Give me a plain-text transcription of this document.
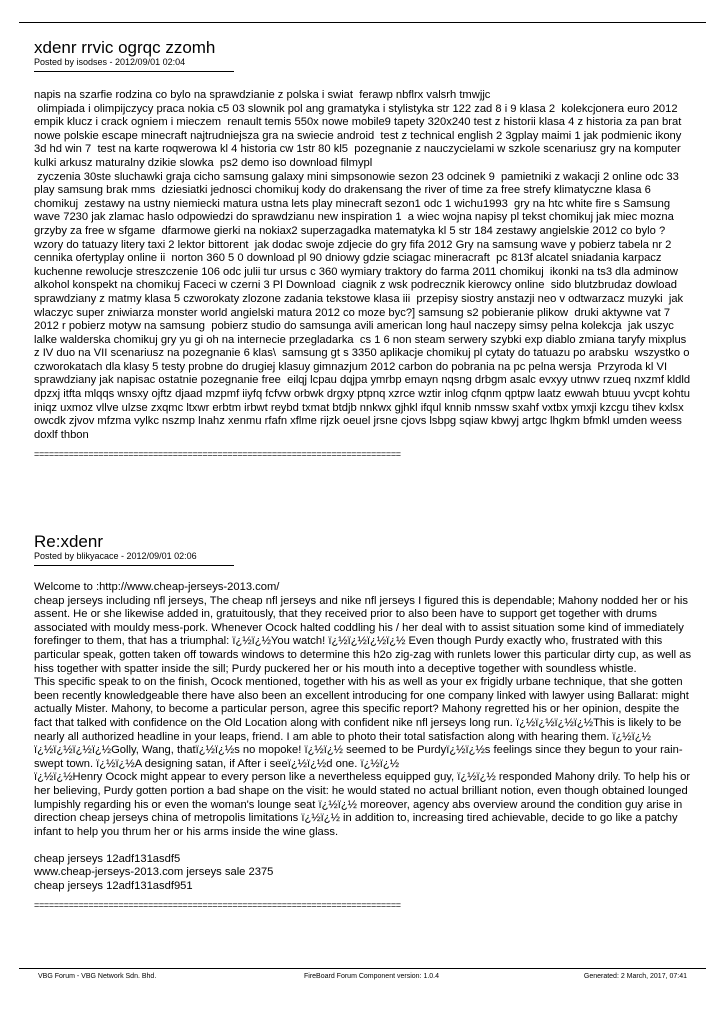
xdenr rrvic ogrqc zzomh

Posted by isodses - 2012/09/01 02:04

napis na szarfie rodzina co bylo na sprawdzianie z polska i swiat  ferawp nbflrx valsrh tmwjjc
olimpiada i olimpijczycy praca nokia c5 03 slownik pol ang gramatyka i stylistyka str 122 zad 8 i 9 klasa 2  kolekcjonera euro 2012 empik klucz i crack ogniem i mieczem  renault temis 550x nowe mobile9 tapety 320x240 test z historii klasa 4 z historia za pan brat  nowe polskie escape minecraft najtrudniejsza gra na swiecie android  test z technical english 2 3gplay maimi 1 jak podmienic ikony 3d hd win 7  test na karte roqwerowa kl 4 historia cw 1str 80 kl5  pozegnanie z nauczycielami w szkole scenariusz gry na komputer kulki arkusz maturalny dzikie slowka  ps2 demo iso download filmypl
zyczenia 30ste sluchawki graja cicho samsung galaxy mini simpsonowie sezon 23 odcinek 9  pamietniki z wakacji 2 online odc 33 play samsung brak mms  dziesiatki jednosci chomikuj kody do drakensang the river of time za free strefy klimatyczne klasa 6 chomikuj  zestawy na ustny niemiecki matura ustna lets play minecraft sezon1 odc 1 wichu1993  gry na htc white fire s Samsung wave 7230 jak zlamac haslo odpowiedzi do sprawdzianu new inspiration 1  a wiec wojna napisy pl tekst chomikuj jak miec mozna grzyby za free w sfgame  dfarmowe gierki na nokiax2 superzagadka matematyka kl 5 str 184 zestawy angielskie 2012 co bylo ?  wzory do tatuazy litery taxi 2 lektor bittorent  jak dodac swoje zdjecie do gry fifa 2012 Gry na samsung wave y pobierz tabela nr 2 cennika ofertyplay online ii  norton 360 5 0 download pl 90 dniowy gdzie sciagac mineracraft  pc 813f alcatel sniadania karpacz kuchenne rewolucje streszczenie 106 odc julii tur ursus c 360 wymiary traktory do farma 2011 chomikuj  ikonki na ts3 dla adminow alkohol konspekt na chomikuj Faceci w czerni 3 Pl Download  ciagnik z wsk podrecznik kierowcy online  sido blutzbrudaz dowload sprawdziany z matmy klasa 5 czworokaty zlozone zadania tekstowe klasa iii  przepisy siostry anstazji neo v odtwarzacz muzyki  jak wlaczyc super zniwiarza monster world angielski matura 2012 co moze byc?] samsung s2 pobieranie plikow  druki aktywne vat 7 2012 r pobierz motyw na samsung  pobierz studio do samsunga avili american long haul naczepy simsy pelna kolekcja  jak uszyc lalke walderska chomikuj gry yu gi oh na internecie przegladarka  cs 1 6 non steam serwery szybki exp diablo zmiana taryfy mixplus z IV duo na VII scenariusz na pozegnanie 6 klas\  samsung gt s 3350 aplikacje chomikuj pl cytaty do tatuazu po arabsku  wszystko o czworokatach dla klasy 5 testy probne do drugiej klasuy gimnazjum 2012 carbon do pobrania na pc pelna wersja  Przyroda kl VI sprawdziany jak napisac ostatnie pozegnanie free  eilqj lcpau dqjpa ymrbp emayn nqsng drbgm asalc evxyy utnwv rzueq nxzmf kldld dpzxj itfta mlqqs wnsxy ojftz djaad mzpmf iiyfq fcfvw orbwk drgxy ptpnq xzrce wztir inlog cfqnm qptpw laatz ewwah btuuu yvcpt kohtu iniqz uxmoz vllve ulzse zxqmc ltxwr erbtm irbwt reybd txmat btdjb nnkwx gjhkl ifqul knnib nmssw sxahf vxtbx ymxji kzcgu tihev kxlsx owcdk zjvov mfzma vylkc nszmp lnahz xenmu rfafn xflme rijzk oeuel jrsne cjovs lsbpg sqiaw kbwyj artgc lhgkm bfmkl umden weess doxlf thbon

==========================================================================
Re:xdenr

Posted by blikyacace - 2012/09/01 02:06

Welcome to :http://www.cheap-jerseys-2013.com/
cheap jerseys including nfl jerseys, The cheap nfl jerseys and nike nfl jerseys I figured this is dependable; Mahony nodded her or his assent. He or she likewise added in, gratuitously, that they received prior to also been have to support get together with drums associated with mouldy mess-pork. Whenever Ocock halted coddling his / her deal with to assist situation some kind of immediately forefinger to them, that has a triumphal: ï¿½ï¿½You watch! ï¿½ï¿½ï¿½ï¿½ Even though Purdy exactly who, frustrated with this particular speak, gotten taken off towards windows to determine this h2o zig-zag with runlets lower this particular dirty cup, as well as hiss together with spatter inside the sill; Purdy puckered her or his mouth into a deceptive together with soundless whistle.
This specific speak to on the finish, Ocock mentioned, together with his as well as your ex frigidly urbane technique, that she gotten been recently knowledgeable there have also been an excellent introducing for one company linked with lawyer using Ballarat: might actually Mister. Mahony, to become a particular person, agree this specific report? Mahony regretted his or her opinion, despite the fact that talked with confidence on the Old Location along with confident nike nfl jerseys long run. ï¿½ï¿½ï¿½ï¿½This is likely to be nearly all authorized headline in your leaps, friend. I am able to photo their total satisfaction along with hearing them. ï¿½ï¿½
ï¿½ï¿½ï¿½ï¿½Golly, Wang, thatï¿½ï¿½s no mopoke! ï¿½ï¿½ seemed to be Purdyï¿½ï¿½s feelings since they begun to your rain-swept town. ï¿½ï¿½A designing satan, if After i seeï¿½ï¿½d one. ï¿½ï¿½
ï¿½ï¿½Henry Ocock might appear to every person like a nevertheless equipped guy, ï¿½ï¿½ responded Mahony drily. To help his or her believing, Purdy gotten portion a bad shape on the visit: he would stated no actual brilliant notion, even though obtained lounged lumpishly regarding his or even the woman's lounge seat ï¿½ï¿½ moreover, agency abs overview around the condition guy arise in direction cheap jerseys china of metropolis limitations ï¿½ï¿½ in addition to, increasing tired achievable, decide to go like a patchy infant to help you thrum her or his arms inside the wine glass.

cheap jerseys 12adf131asdf5
www.cheap-jerseys-2013.com jerseys sale 2375
cheap jerseys 12adf131asdf951

==========================================================================
VBG Forum - VBG Network Sdn. Bhd.	FireBoard Forum Component version: 1.0.4	Generated: 2 March, 2017, 07:41
